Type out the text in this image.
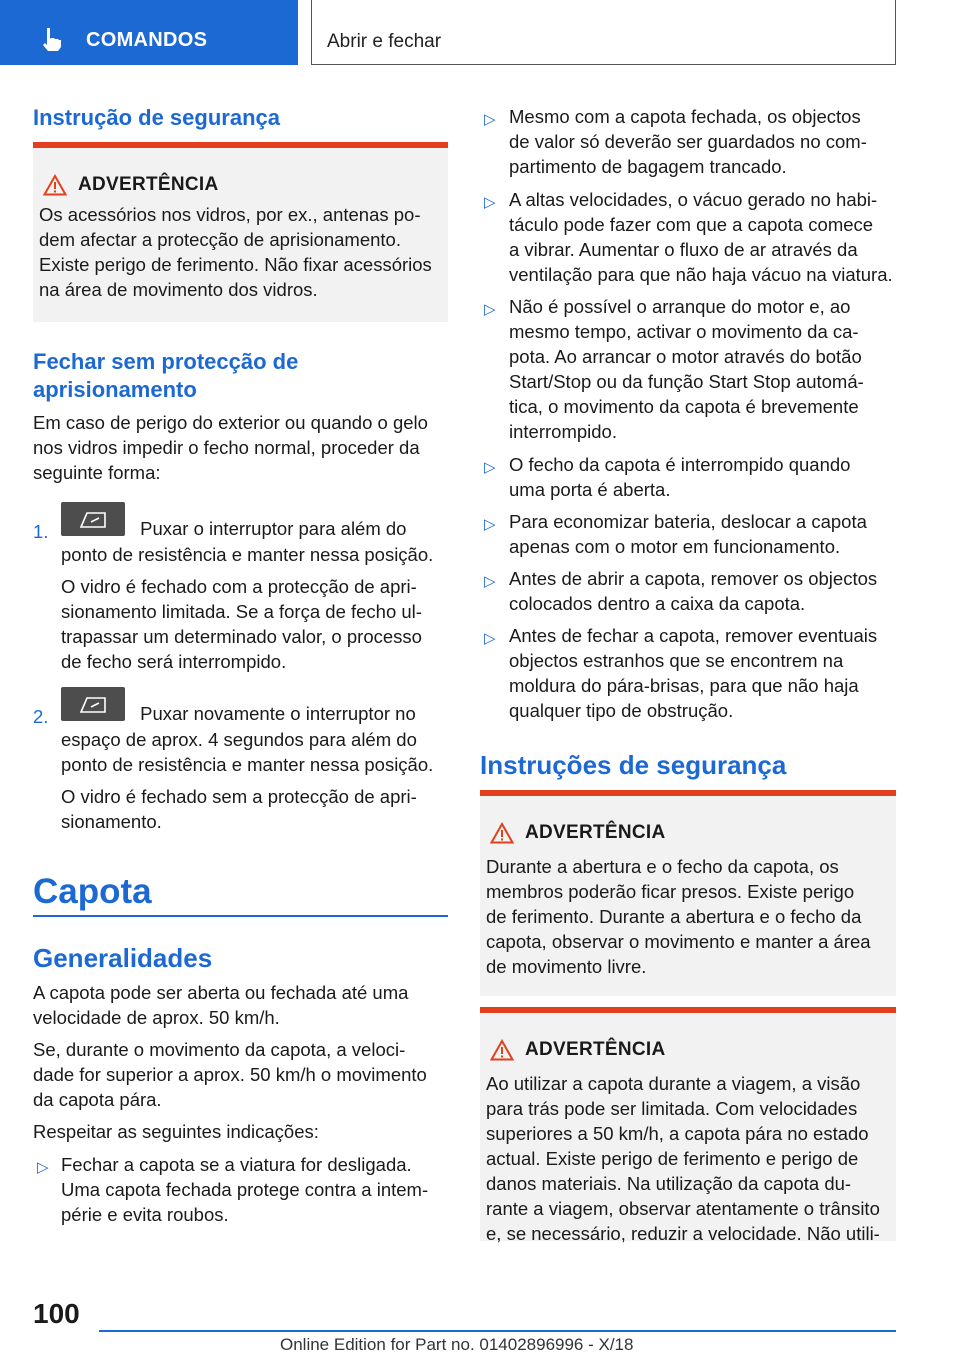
COMANDOS	Abrir e fechar
Instrução de segurança
ADVERTÊNCIA
Os acessórios nos vidros, por ex., antenas po‐
dem afectar a protecção de aprisionamento.
Existe perigo de ferimento. Não fixar acessórios
na área de movimento dos vidros.
Fechar sem protecção de
aprisionamento
Em caso de perigo do exterior ou quando o gelo
nos vidros impedir o fecho normal, proceder da
seguinte forma:
1.	Puxar o interruptor para além do
ponto de resistência e manter nessa posição.
O vidro é fechado com a protecção de apri‐
sionamento limitada. Se a força de fecho ul‐
trapassar um determinado valor, o processo
de fecho será interrompido.
2.	Puxar novamente o interruptor no
espaço de aprox. 4 segundos para além do
ponto de resistência e manter nessa posição.
O vidro é fechado sem a protecção de apri‐
sionamento.
Capota
Generalidades
A capota pode ser aberta ou fechada até uma
velocidade de aprox. 50 km/h.
Se, durante o movimento da capota, a veloci‐
dade for superior a aprox. 50 km/h o movimento
da capota pára.
Respeitar as seguintes indicações:
▷ Fechar a capota se a viatura for desligada.
Uma capota fechada protege contra a intem‐
périe e evita roubos.
▷ Mesmo com a capota fechada, os objectos
de valor só deverão ser guardados no com‐
partimento de bagagem trancado.
▷ A altas velocidades, o vácuo gerado no habi‐
táculo pode fazer com que a capota comece
a vibrar. Aumentar o fluxo de ar através da
ventilação para que não haja vácuo na viatura.
▷ Não é possível o arranque do motor e, ao
mesmo tempo, activar o movimento da ca‐
pota. Ao arrancar o motor através do botão
Start/Stop ou da função Start Stop automá‐
tica, o movimento da capota é brevemente
interrompido.
▷ O fecho da capota é interrompido quando
uma porta é aberta.
▷ Para economizar bateria, deslocar a capota
apenas com o motor em funcionamento.
▷ Antes de abrir a capota, remover os objectos
colocados dentro a caixa da capota.
▷ Antes de fechar a capota, remover eventuais
objectos estranhos que se encontrem na
moldura do pára-brisas, para que não haja
qualquer tipo de obstrução.
Instruções de segurança
ADVERTÊNCIA
Durante a abertura e o fecho da capota, os
membros poderão ficar presos. Existe perigo
de ferimento. Durante a abertura e o fecho da
capota, observar o movimento e manter a área
de movimento livre.
ADVERTÊNCIA
Ao utilizar a capota durante a viagem, a visão
para trás pode ser limitada. Com velocidades
superiores a 50 km/h, a capota pára no estado
actual. Existe perigo de ferimento e perigo de
danos materiais. Na utilização da capota du‐
rante a viagem, observar atentamente o trânsito
e, se necessário, reduzir a velocidade. Não utili‐
100
Online Edition for Part no. 01402896996 - X/18
